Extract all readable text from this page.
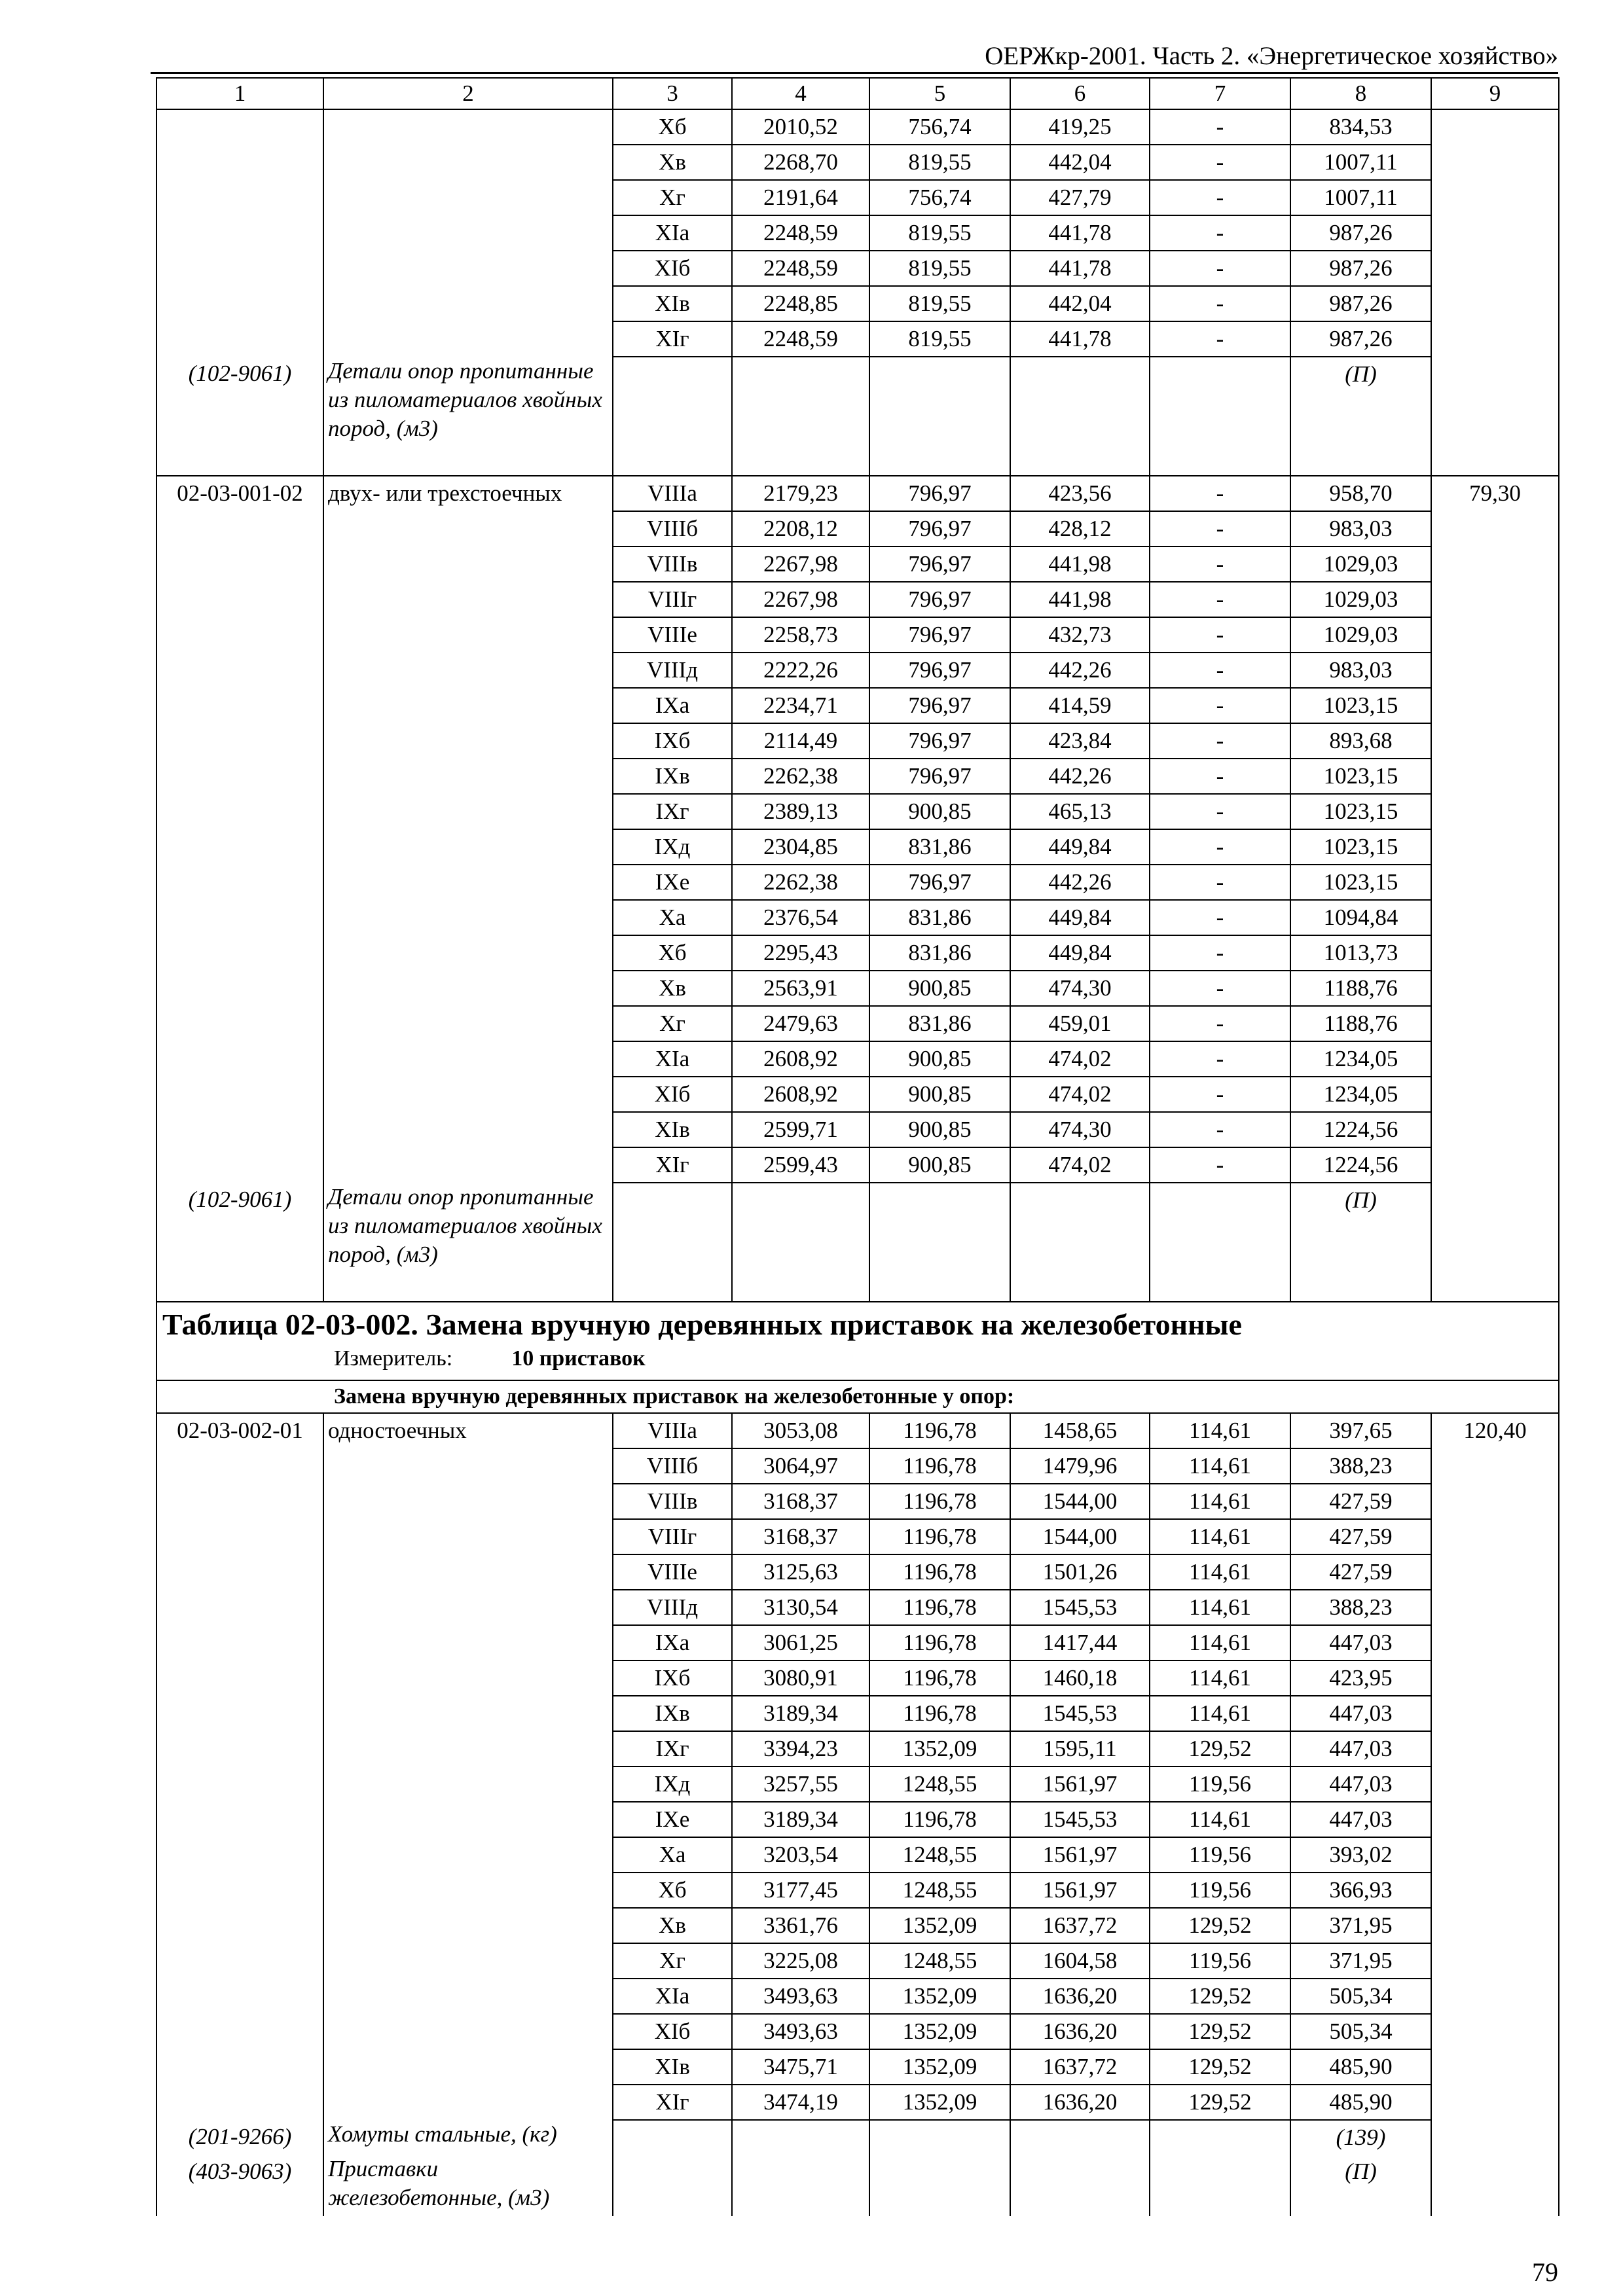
ОЕРЖкр-2001. Часть 2. «Энергетическое хозяйство»
1	2	3	4	5	6	7	8	9
		Xб	2010,52	756,74	419,25	-	834,53	
		Xв	2268,70	819,55	442,04	-	1007,11	
		Xг	2191,64	756,74	427,79	-	1007,11	
		XIа	2248,59	819,55	441,78	-	987,26	
		XIб	2248,59	819,55	441,78	-	987,26	
		XIв	2248,85	819,55	442,04	-	987,26	
		XIг	2248,59	819,55	441,78	-	987,26	
(102-9061)	Детали опор пропитанные из пиломатериалов хвойных пород, (м3)						(П)	
02-03-001-02	двух- или трехстоечных	VIIIа	2179,23	796,97	423,56	-	958,70	79,30
		VIIIб	2208,12	796,97	428,12	-	983,03	
		VIIIв	2267,98	796,97	441,98	-	1029,03	
		VIIIг	2267,98	796,97	441,98	-	1029,03	
		VIIIе	2258,73	796,97	432,73	-	1029,03	
		VIIIд	2222,26	796,97	442,26	-	983,03	
		IXа	2234,71	796,97	414,59	-	1023,15	
		IXб	2114,49	796,97	423,84	-	893,68	
		IXв	2262,38	796,97	442,26	-	1023,15	
		IXг	2389,13	900,85	465,13	-	1023,15	
		IXд	2304,85	831,86	449,84	-	1023,15	
		IXе	2262,38	796,97	442,26	-	1023,15	
		Xа	2376,54	831,86	449,84	-	1094,84	
		Xб	2295,43	831,86	449,84	-	1013,73	
		Xв	2563,91	900,85	474,30	-	1188,76	
		Xг	2479,63	831,86	459,01	-	1188,76	
		XIа	2608,92	900,85	474,02	-	1234,05	
		XIб	2608,92	900,85	474,02	-	1234,05	
		XIв	2599,71	900,85	474,30	-	1224,56	
		XIг	2599,43	900,85	474,02	-	1224,56	
(102-9061)	Детали опор пропитанные из пиломатериалов хвойных пород, (м3)						(П)	

Таблица 02-03-002. Замена вручную деревянных приставок на железобетонные
Измеритель: 10 приставок								

Замена вручную деревянных приставок на железобетонные у опор:								
02-03-002-01	одностоечных	VIIIа	3053,08	1196,78	1458,65	114,61	397,65	120,40
		VIIIб	3064,97	1196,78	1479,96	114,61	388,23	
		VIIIв	3168,37	1196,78	1544,00	114,61	427,59	
		VIIIг	3168,37	1196,78	1544,00	114,61	427,59	
		VIIIе	3125,63	1196,78	1501,26	114,61	427,59	
		VIIIд	3130,54	1196,78	1545,53	114,61	388,23	
		IXа	3061,25	1196,78	1417,44	114,61	447,03	
		IXб	3080,91	1196,78	1460,18	114,61	423,95	
		IXв	3189,34	1196,78	1545,53	114,61	447,03	
		IXг	3394,23	1352,09	1595,11	129,52	447,03	
		IXд	3257,55	1248,55	1561,97	119,56	447,03	
		IXе	3189,34	1196,78	1545,53	114,61	447,03	
		Xа	3203,54	1248,55	1561,97	119,56	393,02	
		Xб	3177,45	1248,55	1561,97	119,56	366,93	
		Xв	3361,76	1352,09	1637,72	129,52	371,95	
		Xг	3225,08	1248,55	1604,58	119,56	371,95	
		XIа	3493,63	1352,09	1636,20	129,52	505,34	
		XIб	3493,63	1352,09	1636,20	129,52	505,34	
		XIв	3475,71	1352,09	1637,72	129,52	485,90	
		XIг	3474,19	1352,09	1636,20	129,52	485,90	
(201-9266)	Хомуты стальные, (кг)						(139)	
(403-9063)	Приставки железобетонные, (м3)						(П)	
79
